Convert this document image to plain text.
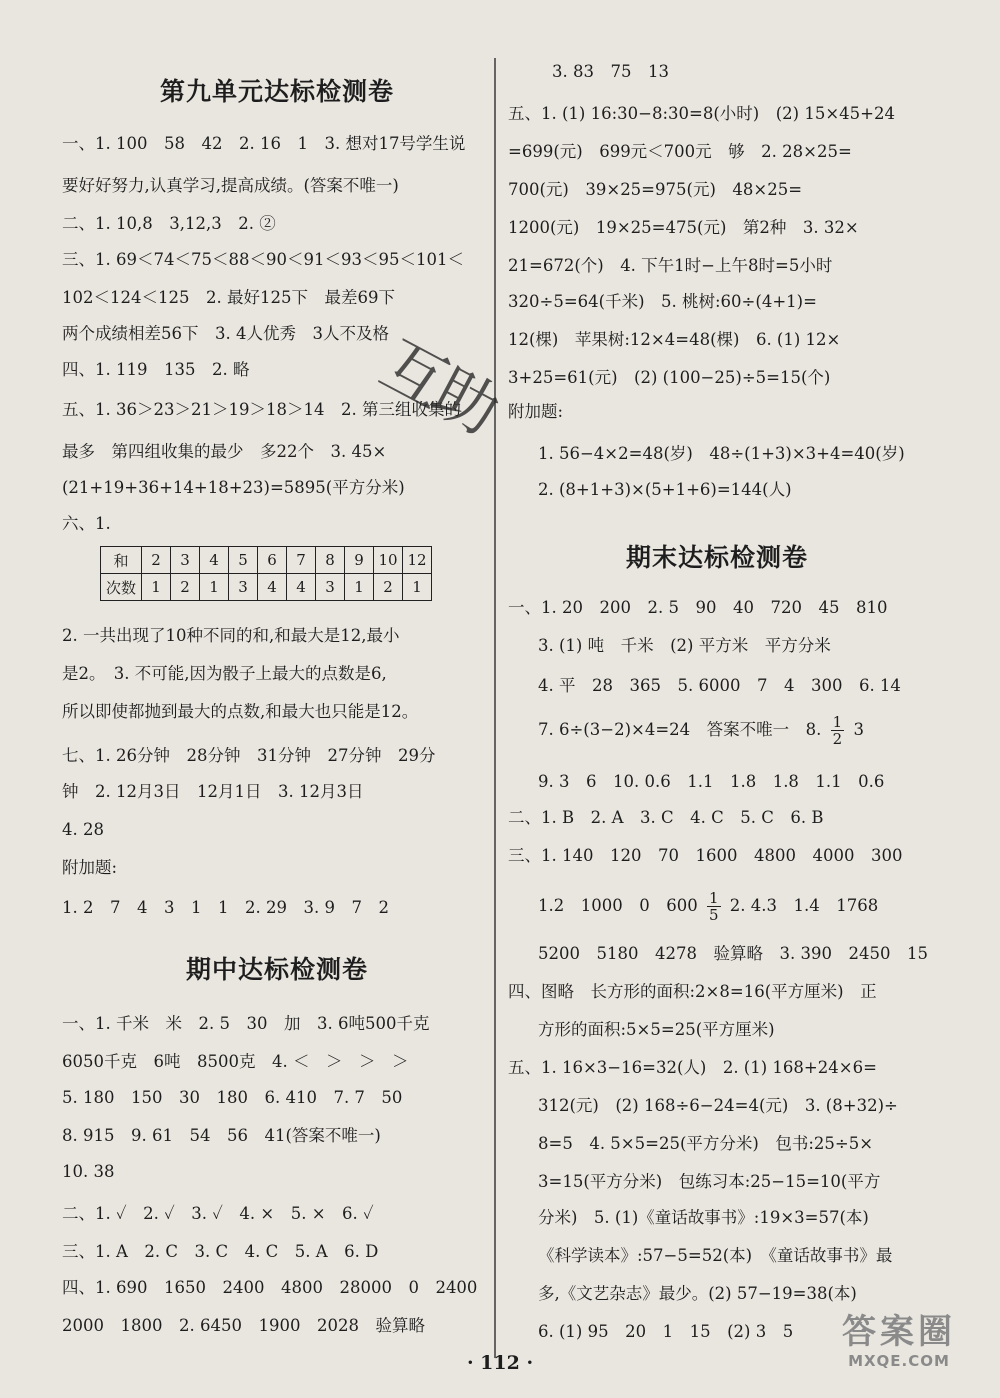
第九单元达标检测卷
一、1. 100　58　42　2. 16　1　3. 想对17号学生说
要好好努力,认真学习,提高成绩。(答案不唯一)
二、1. 10,8　3,12,3　2. ②
三、1. 69＜74＜75＜88＜90＜91＜93＜95＜101＜
102＜124＜125　2. 最好125下　最差69下
两个成绩相差56下　3. 4人优秀　3人不及格
四、1. 119　135　2. 略
五、1. 36＞23＞21＞19＞18＞14　2. 第三组收集的
最多　第四组收集的最少　多22个　3. 45×
(21+19+36+14+18+23)=5895(平方分米)
六、1.
和	2	3	4	5	6	7	8	9	10	12
次数	1	2	1	3	4	4	3	1	2	1
2. 一共出现了10种不同的和,和最大是12,最小
是2。　3. 不可能,因为骰子上最大的点数是6,
所以即使都抛到最大的点数,和最大也只能是12。
七、1. 26分钟　28分钟　31分钟　27分钟　29分
钟　2. 12月3日　12月1日　3. 12月3日
4. 28
附加题:
1. 2　7　4　3　1　1　2. 29　3. 9　7　2
期中达标检测卷
一、1. 千米　米　2. 5　30　加　3. 6吨500千克
6050千克　6吨　8500克　4. ＜　＞　＞　＞
5. 180　150　30　180　6. 410　7. 7　50
8. 915　9. 61　54　56　41(答案不唯一)
10. 38
二、1. ✓　2. ✓　3. ✓　4. ×　5. ×　6. ✓
三、1. A　2. C　3. C　4. C　5. A　6. D
四、1. 690　1650　2400　4800　28000　0　2400
2000　1800　2. 6450　1900　2028　验算略
3. 83　75　13
五、1. (1) 16:30−8:30=8(小时)　(2) 15×45+24
=699(元)　699元＜700元　够　2. 28×25=
700(元)　39×25=975(元)　48×25=
1200(元)　19×25=475(元)　第2种　3. 32×
21=672(个)　4. 下午1时−上午8时=5小时
320÷5=64(千米)　5. 桃树:60÷(4+1)=
12(棵)　苹果树:12×4=48(棵)　6. (1) 12×
3+25=61(元)　(2) (100−25)÷5=15(个)
附加题:
1. 56−4×2=48(岁)　48÷(1+3)×3+4=40(岁)
2. (8+1+3)×(5+1+6)=144(人)
期末达标检测卷
一、1. 20　200　2. 5　90　40　720　45　810
3. (1) 吨　千米　(2) 平方米　平方分米
4. 平　28　365　5. 6000　7　4　300　6. 14
7. 6÷(3−2)×4=24　答案不唯一　8. $\frac{1}{2} 3$
9. 3　6　10. 0.6　1.1　1.8　1.8　1.1　0.6
二、1. B　2. A　3. C　4. C　5. C　6. B
三、1. 140　120　70　1600　4800　4000　300
1.2　1000　0　$600 \frac{1}{5} 2$. 4.3　1.4　1768
5200　5180　4278　验算略　3. 390　2450　15
四、图略　长方形的面积:2×8=16(平方厘米)　正
方形的面积:5×5=25(平方厘米)
五、1. 16×3−16=32(人)　2. (1) 168+24×6=
312(元)　(2) 168÷6−24=4(元)　3. (8+32)÷
8=5　4. 5×5=25(平方分米)　包书:25÷5×
3=15(平方分米)　包练习本:25−15=10(平方
分米)　5. (1)《童话故事书》:19×3=57(本)
《科学读本》:57−5=52(本)　《童话故事书》最
多,《文艺杂志》最少。(2) 57−19=38(本)
6. (1) 95　20　1　15　(2) 3　5
互助
· 112 ·
答案圈
MXQE.COM
